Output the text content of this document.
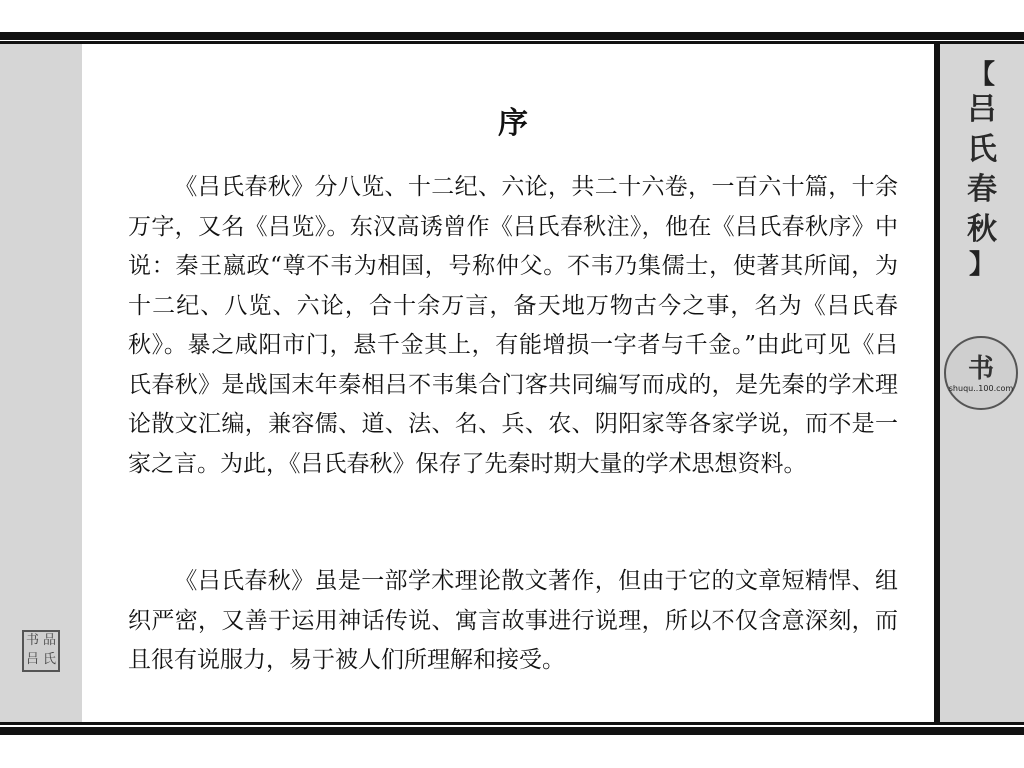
书 品
吕 氏
序

《吕氏春秋》分八览、十二纪、六论，共二十六卷，一百六十篇，十余万字，又名《吕览》。东汉高诱曾作《吕氏春秋注》，他在《吕氏春秋序》中说：秦王嬴政“尊不韦为相国，号称仲父。不韦乃集儒士，使著其所闻，为十二纪、八览、六论，合十余万言，备天地万物古今之事，名为《吕氏春秋》。暴之咸阳市门，悬千金其上，有能增损一字者与千金。”由此可见《吕氏春秋》是战国末年秦相吕不韦集合门客共同编写而成的，是先秦的学术理论散文汇编，兼容儒、道、法、名、兵、农、阴阳家等各家学说，而不是一家之言。为此，《吕氏春秋》保存了先秦时期大量的学术思想资料。

《吕氏春秋》虽是一部学术理论散文著作，但由于它的文章短精悍、组织严密，又善于运用神话传说、寓言故事进行说理，所以不仅含意深刻，而且很有说服力，易于被人们所理解和接受。

【
吕
氏
春
秋
】
书
shuqu..100.com
